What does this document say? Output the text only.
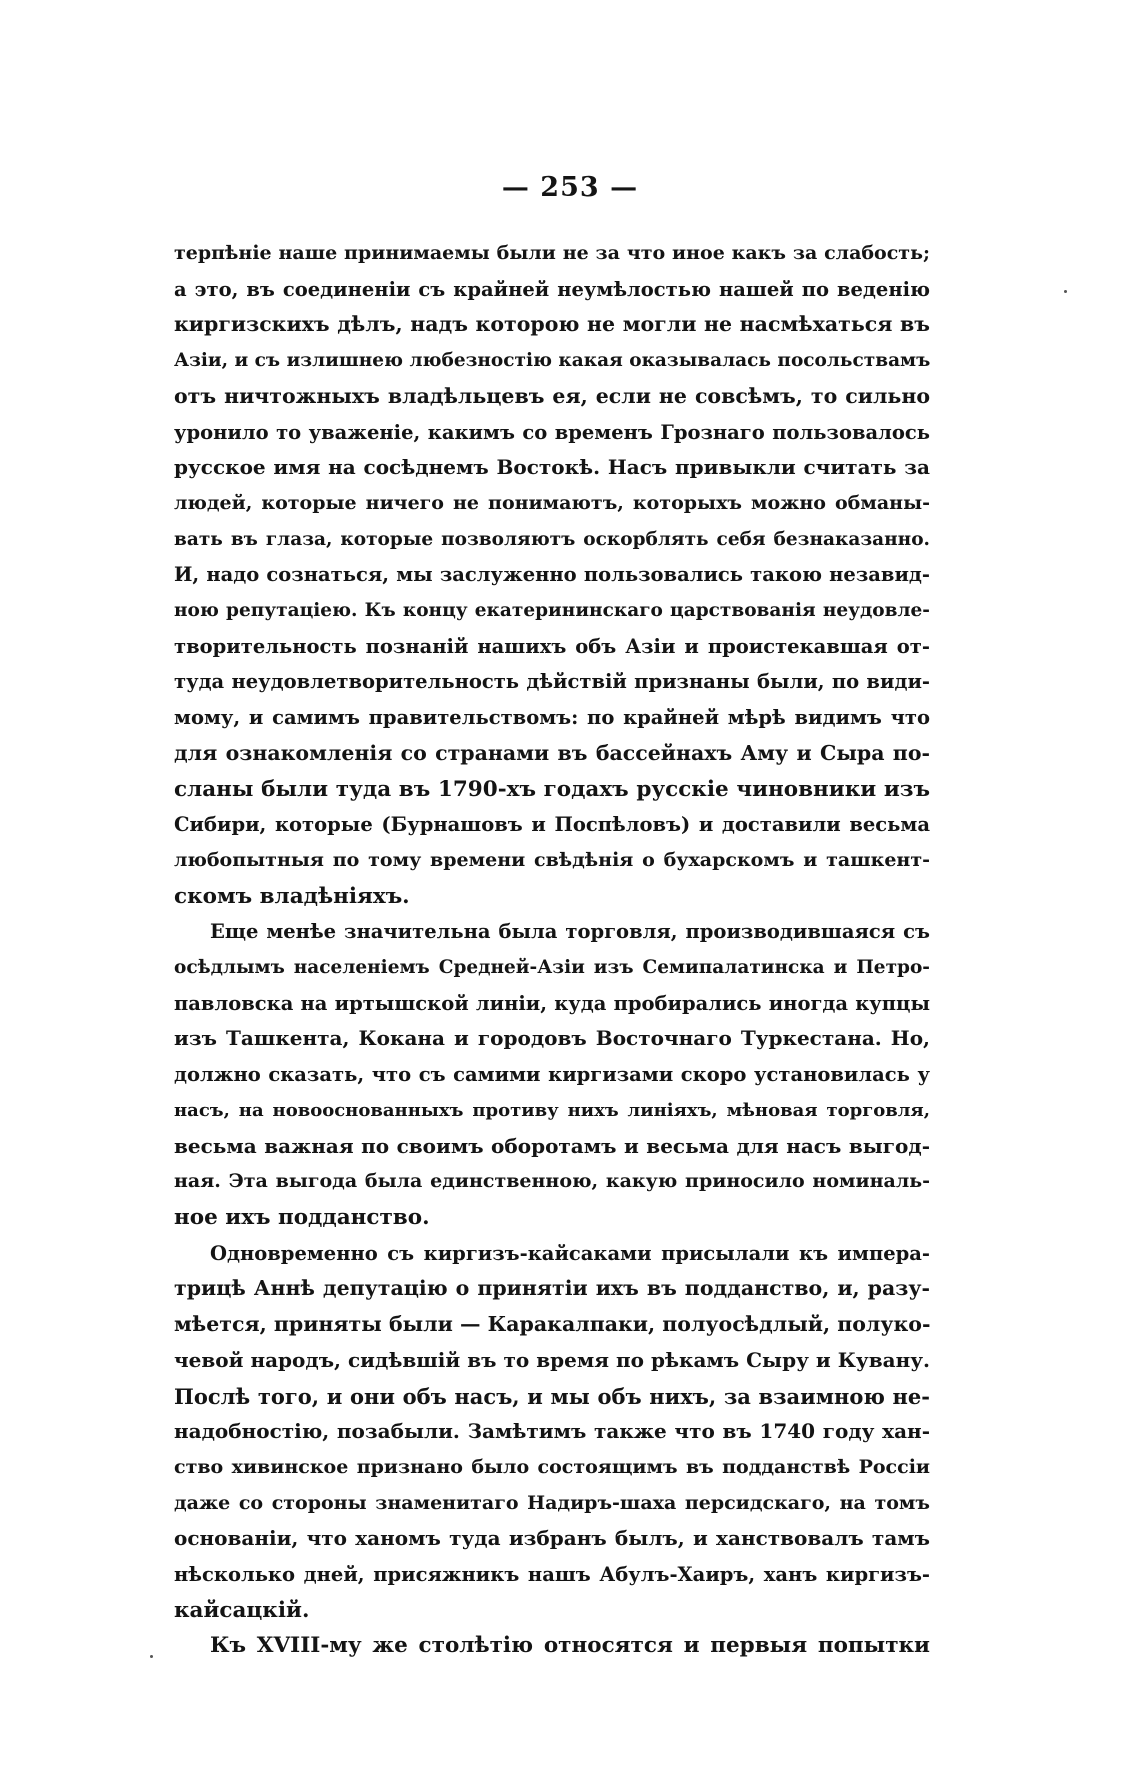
— 253 —
терпѣніе наше принимаемы были не за что иное какъ за слабость;
а это, въ соединеніи съ крайней неумѣлостью нашей по веденію
киргизскихъ дѣлъ, надъ которою не могли не насмѣхаться въ
Азіи, и съ излишнею любезностію какая оказывалась посольствамъ
отъ ничтожныхъ владѣльцевъ ея, если не совсѣмъ, то сильно
уронило то уваженіе, какимъ со временъ Грознаго пользовалось
русское имя на сосѣднемъ Востокѣ. Насъ привыкли считать за
людей, которые ничего не понимаютъ, которыхъ можно обманы-
вать въ глаза, которые позволяютъ оскорблять себя безнаказанно.
И, надо сознаться, мы заслуженно пользовались такою незавид-
ною репутаціею. Къ концу екатерининскаго царствованія неудовле-
творительность познаній нашихъ объ Азіи и проистекавшая от-
туда неудовлетворительность дѣйствій признаны были, по види-
мому, и самимъ правительствомъ: по крайней мѣрѣ видимъ что
для ознакомленія со странами въ бассейнахъ Аму и Сыра по-
сланы были туда въ 1790-хъ годахъ русскіе чиновники изъ
Сибири, которые (Бурнашовъ и Поспѣловъ) и доставили весьма
любопытныя по тому времени свѣдѣнія о бухарскомъ и ташкент-
скомъ владѣніяхъ.
Еще менѣе значительна была торговля, производившаяся съ
осѣдлымъ населеніемъ Средней-Азіи изъ Семипалатинска и Петро-
павловска на иртышской линіи, куда пробирались иногда купцы
изъ Ташкента, Кокана и городовъ Восточнаго Туркестана. Но,
должно сказать, что съ самими киргизами скоро установилась у
насъ, на новооснованныхъ противу нихъ линіяхъ, мѣновая торговля,
весьма важная по своимъ оборотамъ и весьма для насъ выгод-
ная. Эта выгода была единственною, какую приносило номиналь-
ное ихъ подданство.
Одновременно съ киргизъ-кайсаками присылали къ импера-
трицѣ Аннѣ депутацію о принятіи ихъ въ подданство, и, разу-
мѣется, приняты были — Каракалпаки, полуосѣдлый, полуко-
чевой народъ, сидѣвшій въ то время по рѣкамъ Сыру и Кувану.
Послѣ того, и они объ насъ, и мы объ нихъ, за взаимною не-
надобностію, позабыли. Замѣтимъ также что въ 1740 году хан-
ство хивинское признано было состоящимъ въ подданствѣ Россіи
даже со стороны знаменитаго Надиръ-шаха персидскаго, на томъ
основаніи, что ханомъ туда избранъ былъ, и ханствовалъ тамъ
нѣсколько дней, присяжникъ нашъ Абулъ-Хаиръ, ханъ киргизъ-
кайсацкій.
Къ XVIII-му же столѣтію относятся и первыя попытки
